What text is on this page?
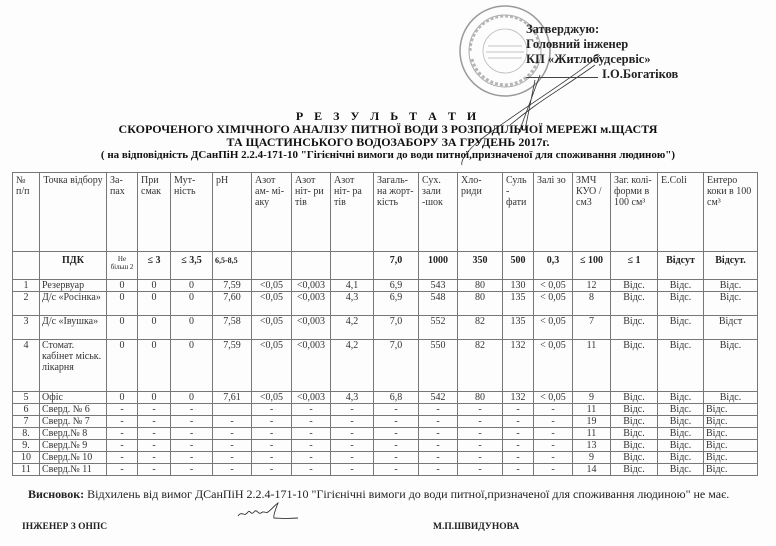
Затверджую:
Головний інженер
КП «Житлобудсервіс»
І.О.Богатіков
Р Е З У Л Ь Т А Т И
СКОРОЧЕНОГО ХІМІЧНОГО АНАЛІЗУ ПИТНОЇ ВОДИ З РОЗПОДІЛЬЧОЇ МЕРЕЖІ м.ЩАСТЯ
ТА ЩАСТИНСЬКОГО ВОДОЗАБОРУ ЗА ГРУДЕНЬ 2017г.
( на відповідність ДСанПіН 2.2.4-171-10 "Гігієнічні вимоги до води питної,призначеної для споживання людиною")
№ п/п	Точка відбору	За- пах	При смак	Мут- ність	pH	Азот ам- мі- аку	Азот ніт- ри тів	Азот ніт- ра тів	Загаль- на жорт- кість	Сух. зали -шок	Хло- риди	Суль - фати	Залі зо	ЗМЧ КУО / см3	Заг. колі- форми в 100 см³	E.Coli	Ентеро коки в 100 см³
	ПДК	Не більш 2	≤ 3	≤ 3,5	6,5-8,5				7,0	1000	350	500	0,3	≤ 100	≤ 1	Відсут	Відсут.
1	Резервуар	0	0	0	7,59	<0,05	<0,003	4,1	6,9	543	80	130	< 0,05	12	Відс.	Відс.	Відс.
2	Д/с «Росінка»	0	0	0	7,60	<0,05	<0,003	4,3	6,9	548	80	135	< 0,05	8	Відс.	Відс.	Відс.
3	Д/с «Івушка»	0	0	0	7,58	<0,05	<0,003	4,2	7,0	552	82	135	< 0,05	7	Відс.	Відс.	Відст
4	Стомат. кабінет міськ. лікарня	0	0	0	7,59	<0,05	<0,003	4,2	7,0	550	82	132	< 0,05	11	Відс.	Відс.	Відс.
5	Офіс	0	0	0	7,61	<0,05	<0,003	4,3	6,8	542	80	132	< 0,05	9	Відс.	Відс.	Відс.
6	Сверд. № 6	-	-	-		-	-	-	-	-	-	-	-	11	Відс.	Відс.	Відс.
7	Сверд. № 7	-	-	-	-	-	-	-	-	-	-	-	-	19	Відс.	Відс.	Відс.
8.	Сверд.№ 8	-	-	-	-	-	-	-	-	-	-	-	-	11	Відс.	Відс.	Відс.
9.	Сверд.№ 9	-	-	-	-	-	-	-	-	-	-	-	-	13	Відс.	Відс.	Відс.
10	Сверд.№ 10	-	-	-	-	-	-	-	-	-	-	-	-	9	Відс.	Відс.	Відс.
11	Сверд.№ 11	-	-	-	-	-	-	-	-	-	-	-	-	14	Відс.	Відс.	Відс.
Висновок: Відхилень від вимог ДСанПіН 2.2.4-171-10 "Гігієнічні вимоги до води питної,призначеної для споживання людиною" не має.
ІНЖЕНЕР З ОНПС	М.П.ШВИДУНОВА
